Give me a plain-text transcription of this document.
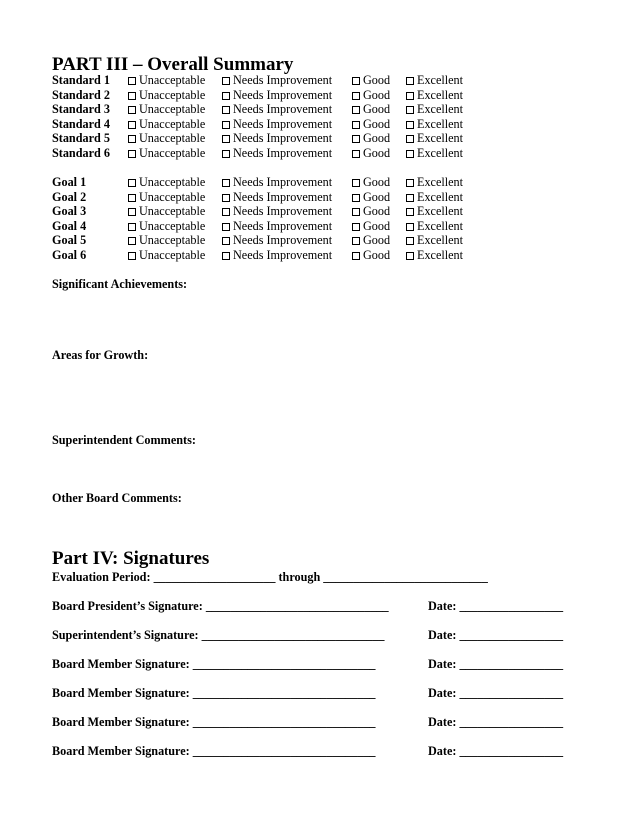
PART III – Overall Summary
Standard 1	Unacceptable	Needs Improvement	Good	Excellent
Standard 2	Unacceptable	Needs Improvement	Good	Excellent
Standard 3	Unacceptable	Needs Improvement	Good	Excellent
Standard 4	Unacceptable	Needs Improvement	Good	Excellent
Standard 5	Unacceptable	Needs Improvement	Good	Excellent
Standard 6	Unacceptable	Needs Improvement	Good	Excellent
Goal 1	Unacceptable	Needs Improvement	Good	Excellent
Goal 2	Unacceptable	Needs Improvement	Good	Excellent
Goal 3	Unacceptable	Needs Improvement	Good	Excellent
Goal 4	Unacceptable	Needs Improvement	Good	Excellent
Goal 5	Unacceptable	Needs Improvement	Good	Excellent
Goal 6	Unacceptable	Needs Improvement	Good	Excellent
Significant Achievements:
Areas for Growth:
Superintendent Comments:
Other Board Comments:
Part IV: Signatures
Evaluation Period: ____________________ through ___________________________
Board President’s Signature: ______________________________	Date: _________________
Superintendent’s Signature: ______________________________	Date: _________________
Board Member Signature: ______________________________	Date: _________________
Board Member Signature: ______________________________	Date: _________________
Board Member Signature: ______________________________	Date: _________________
Board Member Signature: ______________________________	Date: _________________
